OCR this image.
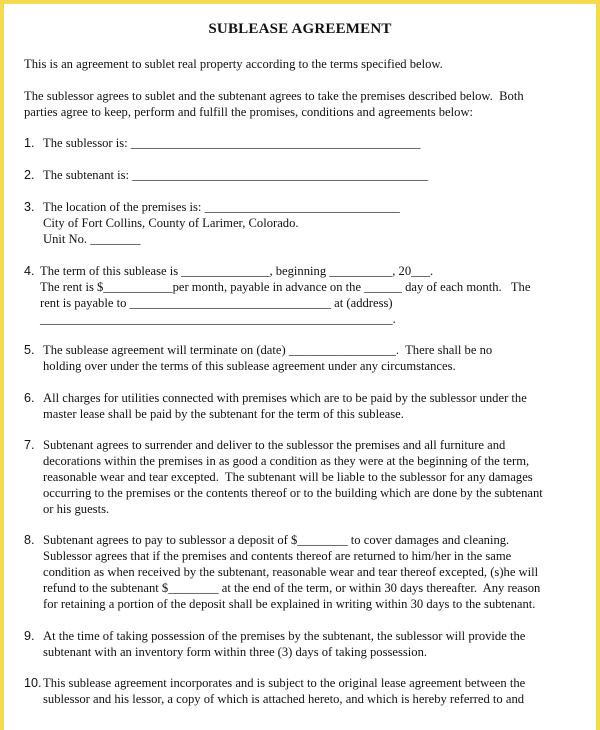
SUBLEASE AGREEMENT
This is an agreement to sublet real property according to the terms specified below.
The sublessor agrees to sublet and the subtenant agrees to take the premises described below.  Both
parties agree to keep, perform and fulfill the promises, conditions and agreements below:
1. The sublessor is: ______________________________________________
2. The subtenant is: _______________________________________________
3. The location of the premises is: _______________________________
City of Fort Collins, County of Larimer, Colorado.
Unit No. ________
4. The term of this sublease is ______________, beginning __________, 20___.
The rent is $___________per month, payable in advance on the ______ day of each month.   The
rent is payable to ________________________________ at (address)
________________________________________________________.
5. The sublease agreement will terminate on (date) _________________.  There shall be no
holding over under the terms of this sublease agreement under any circumstances.
6. All charges for utilities connected with premises which are to be paid by the sublessor under the
master lease shall be paid by the subtenant for the term of this sublease.
7. Subtenant agrees to surrender and deliver to the sublessor the premises and all furniture and
decorations within the premises in as good a condition as they were at the beginning of the term,
reasonable wear and tear excepted.  The subtenant will be liable to the sublessor for any damages
occurring to the premises or the contents thereof or to the building which are done by the subtenant
or his guests.
8. Subtenant agrees to pay to sublessor a deposit of $________ to cover damages and cleaning.
Sublessor agrees that if the premises and contents thereof are returned to him/her in the same
condition as when received by the subtenant, reasonable wear and tear thereof excepted, (s)he will
refund to the subtenant $________ at the end of the term, or within 30 days thereafter.  Any reason
for retaining a portion of the deposit shall be explained in writing within 30 days to the subtenant.
9. At the time of taking possession of the premises by the subtenant, the sublessor will provide the
subtenant with an inventory form within three (3) days of taking possession.
10. This sublease agreement incorporates and is subject to the original lease agreement between the
sublessor and his lessor, a copy of which is attached hereto, and which is hereby referred to and
